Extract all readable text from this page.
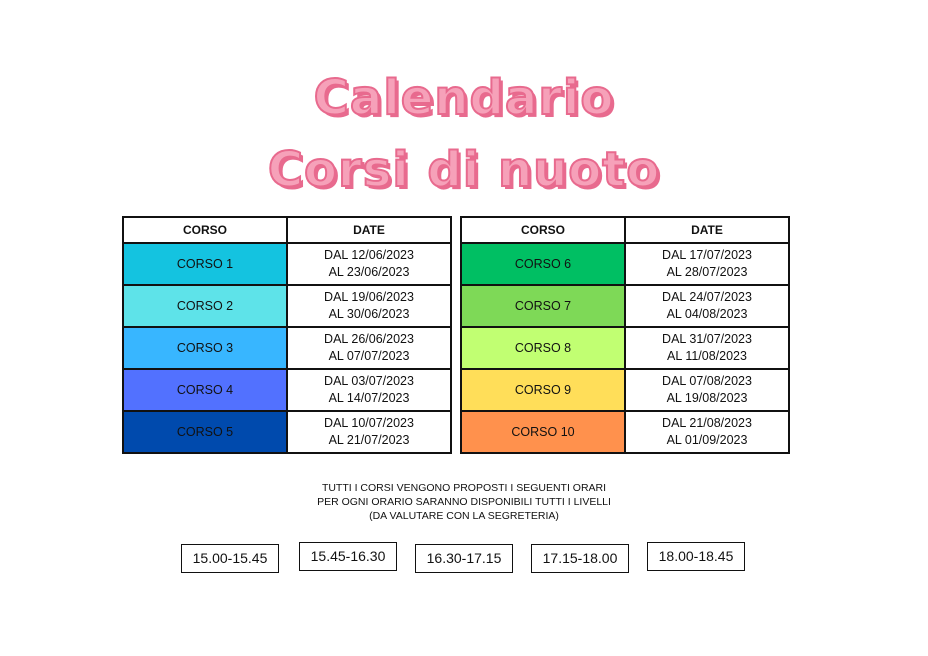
Calendario
Corsi di nuoto
CORSO	DATE
CORSO 1	DAL 12/06/2023
AL 23/06/2023

CORSO 2	DAL 19/06/2023
AL 30/06/2023

CORSO 3	DAL 26/06/2023
AL 07/07/2023

CORSO 4	DAL 03/07/2023
AL 14/07/2023

CORSO 5	DAL 10/07/2023
AL 21/07/2023
CORSO	DATE
CORSO 6	DAL 17/07/2023
AL 28/07/2023

CORSO 7	DAL 24/07/2023
AL 04/08/2023

CORSO 8	DAL 31/07/2023
AL 11/08/2023

CORSO 9	DAL 07/08/2023
AL 19/08/2023

CORSO 10	DAL 21/08/2023
AL 01/09/2023
TUTTI I CORSI VENGONO PROPOSTI I SEGUENTI ORARI
PER OGNI ORARIO SARANNO DISPONIBILI TUTTI I LIVELLI
(DA VALUTARE CON LA SEGRETERIA)
15.00-15.45	15.45-16.30	16.30-17.15	17.15-18.00	18.00-18.45
